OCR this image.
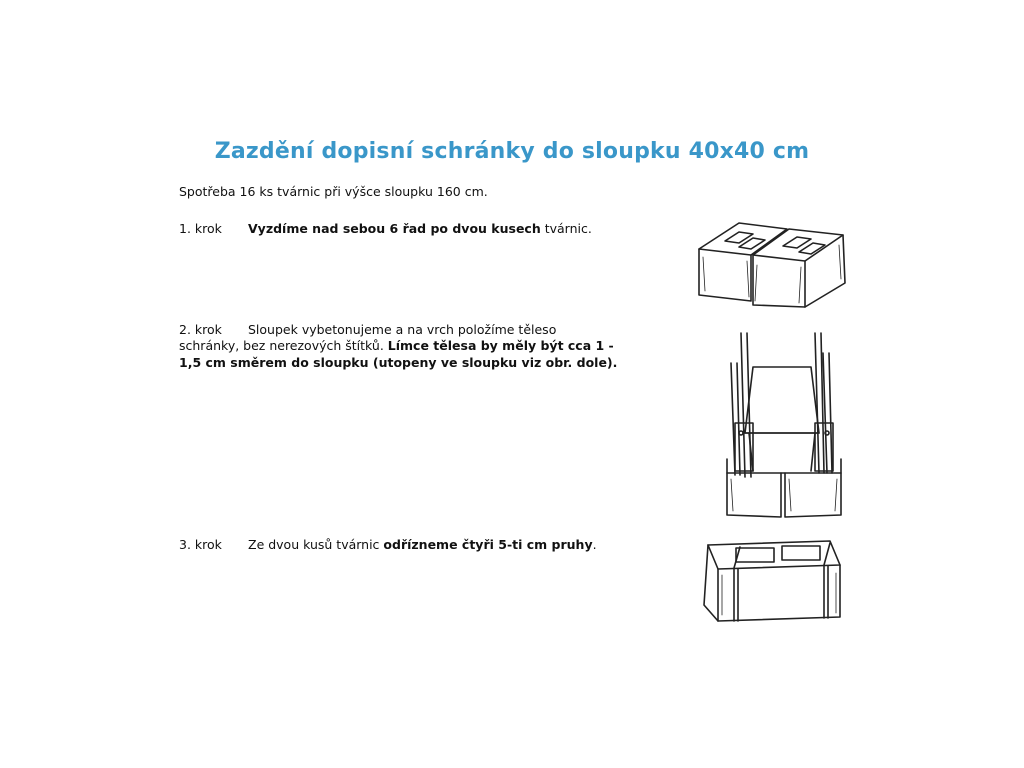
Zazdění dopisní schránky do sloupku 40x40 cm
Spotřeba 16 ks tvárnic při výšce sloupku 160 cm.
1. krok Vyzdíme nad sebou 6 řad po dvou kusech tvárnic.
2. krok Sloupek vybetonujeme a na vrch položíme těleso
schránky, bez nerezových štítků. Límce tělesa by měly být cca 1 -
1,5 cm směrem do sloupku (utopeny ve sloupku viz obr. dole).
3. krok Ze dvou kusů tvárnic odřízneme čtyři 5-ti cm pruhy.
